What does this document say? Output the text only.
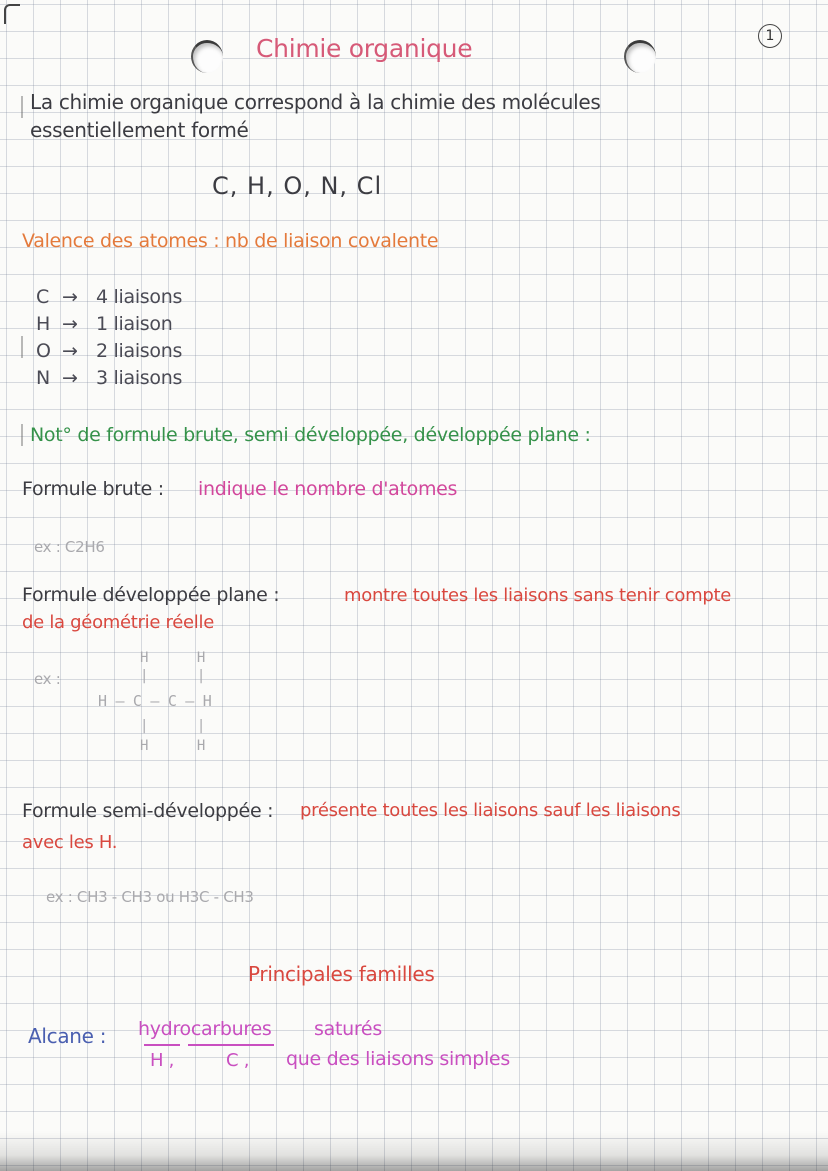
1
Chimie organique
La chimie organique correspond à la chimie des molécules
essentiellement formé
C, H, O, N, Cl
Valence des atomes : nb de liaison covalente
C → 4 liaisons
H → 1 liaison
O → 2 liaisons
N → 3 liaisons
Not° de formule brute, semi développée, développée plane :
Formule brute : indique le nombre d'atomes
ex : C2H6
Formule développée plane :	montre toutes les liaisons sans tenir compte
de la géométrie réelle
ex :
H      H
|      |
H — C — C — H
|      |
H      H
Formule semi-développée : présente toutes les liaisons sauf les liaisons
avec les H.
ex : CH3 - CH3 ou H3C - CH3
Principales familles
Alcane : hydrocarbures saturés
H ,	C , que des liaisons simples
